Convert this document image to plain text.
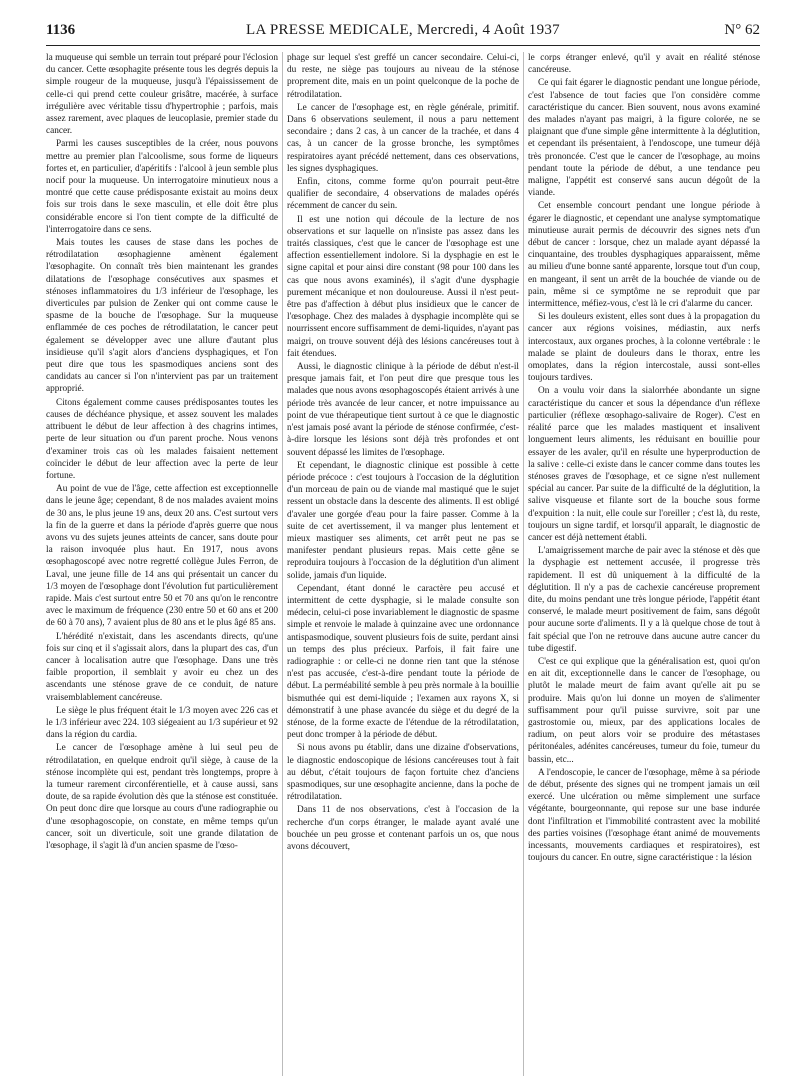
1136	LA PRESSE MEDICALE, Mercredi, 4 Août 1937	N° 62

la muqueuse qui semble un terrain tout préparé pour l'éclosion du cancer. Cette œsophagite présente tous les degrés depuis la simple rougeur de la muqueuse, jusqu'à l'épaississement de celle-ci qui prend cette couleur grisâtre, macérée, à surface irrégulière avec véritable tissu d'hypertrophie ; parfois, mais assez rarement, avec plaques de leucoplasie, premier stade du cancer.

Parmi les causes susceptibles de la créer, nous pouvons mettre au premier plan l'alcoolisme, sous forme de liqueurs fortes et, en particulier, d'apéritifs : l'alcool à jeun semble plus nocif pour la muqueuse. Un interrogatoire minutieux nous a montré que cette cause prédisposante existait au moins deux fois sur trois dans le sexe masculin, et elle doit être plus considérable encore si l'on tient compte de la difficulté de l'interrogatoire dans ce sens.

Mais toutes les causes de stase dans les poches de rétrodilatation œsophagienne amènent également l'œsophagite. On connaît très bien maintenant les grandes dilatations de l'œsophage consécutives aux spasmes et sténoses inflammatoires du 1/3 inférieur de l'œsophage, les diverticules par pulsion de Zenker qui ont comme cause le spasme de la bouche de l'œsophage. Sur la muqueuse enflammée de ces poches de rétrodilatation, le cancer peut également se développer avec une allure d'autant plus insidieuse qu'il s'agit alors d'anciens dysphagiques, et l'on peut dire que tous les spasmodiques anciens sont des candidats au cancer si l'on n'intervient pas par un traitement approprié.

Citons également comme causes prédisposantes toutes les causes de déchéance physique, et assez souvent les malades attribuent le début de leur affection à des chagrins intimes, perte de leur situation ou d'un parent proche. Nous venons d'examiner trois cas où les malades faisaient nettement coïncider le début de leur affection avec la perte de leur fortune.

Au point de vue de l'âge, cette affection est exceptionnelle dans le jeune âge; cependant, 8 de nos malades avaient moins de 30 ans, le plus jeune 19 ans, deux 20 ans. C'est surtout vers la fin de la guerre et dans la période d'après guerre que nous avons vu des sujets jeunes atteints de cancer, sans doute pour la raison invoquée plus haut. En 1917, nous avons œsophagoscopé avec notre regretté collègue Jules Ferron, de Laval, une jeune fille de 14 ans qui présentait un cancer du 1/3 moyen de l'œsophage dont l'évolution fut particulièrement rapide. Mais c'est surtout entre 50 et 70 ans qu'on le rencontre avec le maximum de fréquence (230 entre 50 et 60 ans et 200 de 60 à 70 ans), 7 avaient plus de 80 ans et le plus âgé 85 ans.

L'hérédité n'existait, dans les ascendants directs, qu'une fois sur cinq et il s'agissait alors, dans la plupart des cas, d'un cancer à localisation autre que l'œsophage. Dans une très faible proportion, il semblait y avoir eu chez un des ascendants une sténose grave de ce conduit, de nature vraisemblablement cancéreuse.

Le siège le plus fréquent était le 1/3 moyen avec 226 cas et le 1/3 inférieur avec 224. 103 siégeaient au 1/3 supérieur et 92 dans la région du cardia.

Le cancer de l'œsophage amène à lui seul peu de rétrodilatation, en quelque endroit qu'il siège, à cause de la sténose incomplète qui est, pendant très longtemps, propre à la tumeur rarement circonférentielle, et à cause aussi, sans doute, de sa rapide évolution dès que la sténose est constituée. On peut donc dire que lorsque au cours d'une radiographie ou d'une œsophagoscopie, on constate, en même temps qu'un cancer, soit un diverticule, soit une grande dilatation de l'œsophage, il s'agit là d'un ancien spasme de l'œso-

phage sur lequel s'est greffé un cancer secondaire. Celui-ci, du reste, ne siège pas toujours au niveau de la sténose proprement dite, mais en un point quelconque de la poche de rétrodilatation.

Le cancer de l'œsophage est, en règle générale, primitif. Dans 6 observations seulement, il nous a paru nettement secondaire ; dans 2 cas, à un cancer de la trachée, et dans 4 cas, à un cancer de la grosse bronche, les symptômes respiratoires ayant précédé nettement, dans ces observations, les signes dysphagiques.

Enfin, citons, comme forme qu'on pourrait peut-être qualifier de secondaire, 4 observations de malades opérés récemment de cancer du sein.

Il est une notion qui découle de la lecture de nos observations et sur laquelle on n'insiste pas assez dans les traités classiques, c'est que le cancer de l'œsophage est une affection essentiellement indolore. Si la dysphagie en est le signe capital et pour ainsi dire constant (98 pour 100 dans les cas que nous avons examinés), il s'agit d'une dysphagie purement mécanique et non douloureuse. Aussi il n'est peut-être pas d'affection à début plus insidieux que le cancer de l'œsophage. Chez des malades à dysphagie incomplète qui se nourrissent encore suffisamment de demi-liquides, n'ayant pas maigri, on trouve souvent déjà des lésions cancéreuses tout à fait étendues.

Aussi, le diagnostic clinique à la période de début n'est-il presque jamais fait, et l'on peut dire que presque tous les malades que nous avons œsophagoscopés étaient arrivés à une période très avancée de leur cancer, et notre impuissance au point de vue thérapeutique tient surtout à ce que le diagnostic n'est jamais posé avant la période de sténose confirmée, c'est-à-dire lorsque les lésions sont déjà très profondes et ont souvent dépassé les limites de l'œsophage.

Et cependant, le diagnostic clinique est possible à cette période précoce : c'est toujours à l'occasion de la déglutition d'un morceau de pain ou de viande mal mastiqué que le sujet ressent un obstacle dans la descente des aliments. Il est obligé d'avaler une gorgée d'eau pour la faire passer. Comme à la suite de cet avertissement, il va manger plus lentement et mieux mastiquer ses aliments, cet arrêt peut ne pas se manifester pendant plusieurs repas. Mais cette gêne se reproduira toujours à l'occasion de la déglutition d'un aliment solide, jamais d'un liquide.

Cependant, étant donné le caractère peu accusé et intermittent de cette dysphagie, si le malade consulte son médecin, celui-ci pose invariablement le diagnostic de spasme simple et renvoie le malade à quinzaine avec une ordonnance antispasmodique, souvent plusieurs fois de suite, perdant ainsi un temps des plus précieux. Parfois, il fait faire une radiographie : or celle-ci ne donne rien tant que la sténose n'est pas accusée, c'est-à-dire pendant toute la période de début. La perméabilité semble à peu près normale à la bouillie bismuthée qui est demi-liquide ; l'examen aux rayons X, si démonstratif à une phase avancée du siège et du degré de la sténose, de la forme exacte de l'étendue de la rétrodilatation, peut donc tromper à la période de début.

Si nous avons pu établir, dans une dizaine d'observations, le diagnostic endoscopique de lésions cancéreuses tout à fait au début, c'était toujours de façon fortuite chez d'anciens spasmodiques, sur une œsophagite ancienne, dans la poche de rétrodilatation.

Dans 11 de nos observations, c'est à l'occasion de la recherche d'un corps étranger, le malade ayant avalé une bouchée un peu grosse et contenant parfois un os, que nous avons découvert,

le corps étranger enlevé, qu'il y avait en réalité sténose cancéreuse.

Ce qui fait égarer le diagnostic pendant une longue période, c'est l'absence de tout facies que l'on considère comme caractéristique du cancer. Bien souvent, nous avons examiné des malades n'ayant pas maigri, à la figure colorée, ne se plaignant que d'une simple gêne intermittente à la déglutition, et cependant ils présentaient, à l'endoscope, une tumeur déjà très prononcée. C'est que le cancer de l'œsophage, au moins pendant toute la période de début, a une tendance peu maligne, l'appétit est conservé sans aucun dégoût de la viande.

Cet ensemble concourt pendant une longue période à égarer le diagnostic, et cependant une analyse symptomatique minutieuse aurait permis de découvrir des signes nets d'un début de cancer : lorsque, chez un malade ayant dépassé la cinquantaine, des troubles dysphagiques apparaissent, même au milieu d'une bonne santé apparente, lorsque tout d'un coup, en mangeant, il sent un arrêt de la bouchée de viande ou de pain, même si ce symptôme ne se reproduit que par intermittence, méfiez-vous, c'est là le cri d'alarme du cancer.

Si les douleurs existent, elles sont dues à la propagation du cancer aux régions voisines, médiastin, aux nerfs intercostaux, aux organes proches, à la colonne vertébrale : le malade se plaint de douleurs dans le thorax, entre les omoplates, dans la région intercostale, aussi sont-elles toujours tardives.

On a voulu voir dans la sialorrhée abondante un signe caractéristique du cancer et sous la dépendance d'un réflexe particulier (réflexe œsophago-salivaire de Roger). C'est en réalité parce que les malades mastiquent et insalivent longuement leurs aliments, les réduisant en bouillie pour essayer de les avaler, qu'il en résulte une hyperproduction de la salive : celle-ci existe dans le cancer comme dans toutes les sténoses graves de l'œsophage, et ce signe n'est nullement spécial au cancer. Par suite de la difficulté de la déglutition, la salive visqueuse et filante sort de la bouche sous forme d'expuition : la nuit, elle coule sur l'oreiller ; c'est là, du reste, toujours un signe tardif, et lorsqu'il apparaît, le diagnostic de cancer est déjà nettement établi.

L'amaigrissement marche de pair avec la sténose et dès que la dysphagie est nettement accusée, il progresse très rapidement. Il est dû uniquement à la difficulté de la déglutition. Il n'y a pas de cachexie cancéreuse proprement dite, du moins pendant une très longue période, l'appétit étant conservé, le malade meurt positivement de faim, sans dégoût pour aucune sorte d'aliments. Il y a là quelque chose de tout à fait spécial que l'on ne retrouve dans aucune autre cancer du tube digestif.

C'est ce qui explique que la généralisation est, quoi qu'on en ait dit, exceptionnelle dans le cancer de l'œsophage, ou plutôt le malade meurt de faim avant qu'elle ait pu se produire. Mais qu'on lui donne un moyen de s'alimenter suffisamment pour qu'il puisse survivre, soit par une gastrostomie ou, mieux, par des applications locales de radium, on peut alors voir se produire des métastases péritonéales, adénites cancéreuses, tumeur du foie, tumeur du bassin, etc...

A l'endoscopie, le cancer de l'œsophage, même à sa période de début, présente des signes qui ne trompent jamais un œil exercé. Une ulcération ou même simplement une surface végétante, bourgeonnante, qui repose sur une base indurée dont l'infiltration et l'immobilité contrastent avec la mobilité des parties voisines (l'œsophage étant animé de mouvements incessants, mouvements cardiaques et respiratoires), est toujours du cancer. En outre, signe caractéristique : la lésion
